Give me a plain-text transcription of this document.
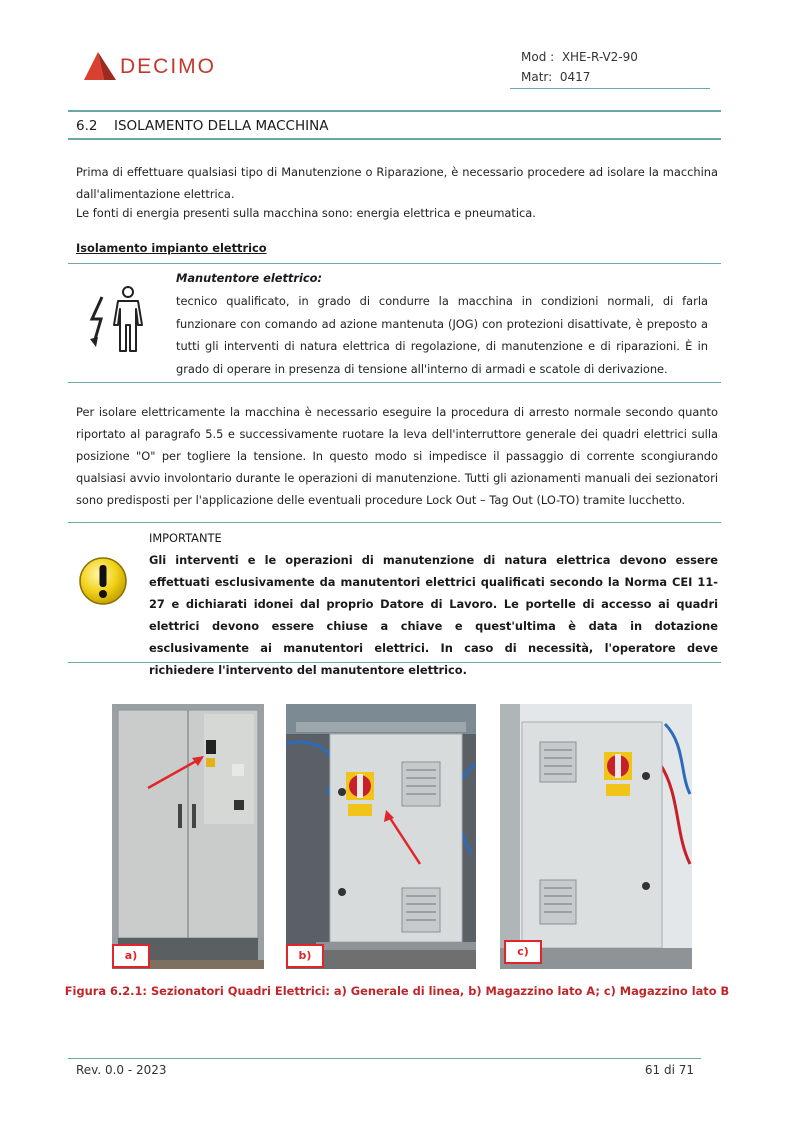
DECIMO	Mod : XHE-R-V2-90
Matr: 0417
6.2 ISOLAMENTO DELLA MACCHINA
Prima di effettuare qualsiasi tipo di Manutenzione o Riparazione, è necessario procedere ad isolare la macchina dall'alimentazione elettrica.
Le fonti di energia presenti sulla macchina sono: energia elettrica e pneumatica.
Isolamento impianto elettrico
Manutentore elettrico:
tecnico qualificato, in grado di condurre la macchina in condizioni normali, di farla funzionare con comando ad azione mantenuta (JOG) con protezioni disattivate, è preposto a tutti gli interventi di natura elettrica di regolazione, di manutenzione e di riparazioni. È in grado di operare in presenza di tensione all'interno di armadi e scatole di derivazione.
Per isolare elettricamente la macchina è necessario eseguire la procedura di arresto normale secondo quanto riportato al paragrafo 5.5 e successivamente ruotare la leva dell'interruttore generale dei quadri elettrici sulla posizione "O" per togliere la tensione. In questo modo si impedisce il passaggio di corrente scongiurando qualsiasi avvio involontario durante le operazioni di manutenzione. Tutti gli azionamenti manuali dei sezionatori sono predisposti per l'applicazione delle eventuali procedure Lock Out – Tag Out (LO-TO) tramite lucchetto.
IMPORTANTE
Gli interventi e le operazioni di manutenzione di natura elettrica devono essere effettuati esclusivamente da manutentori elettrici qualificati secondo la Norma CEI 11-27 e dichiarati idonei dal proprio Datore di Lavoro. Le portelle di accesso ai quadri elettrici devono essere chiuse a chiave e quest'ultima è data in dotazione esclusivamente ai manutentori elettrici. In caso di necessità, l'operatore deve richiedere l'intervento del manutentore elettrico.
a)	b)	c)
Figura 6.2.1: Sezionatori Quadri Elettrici: a) Generale di linea, b) Magazzino lato A; c) Magazzino lato B
Rev. 0.0 - 2023	61 di 71
